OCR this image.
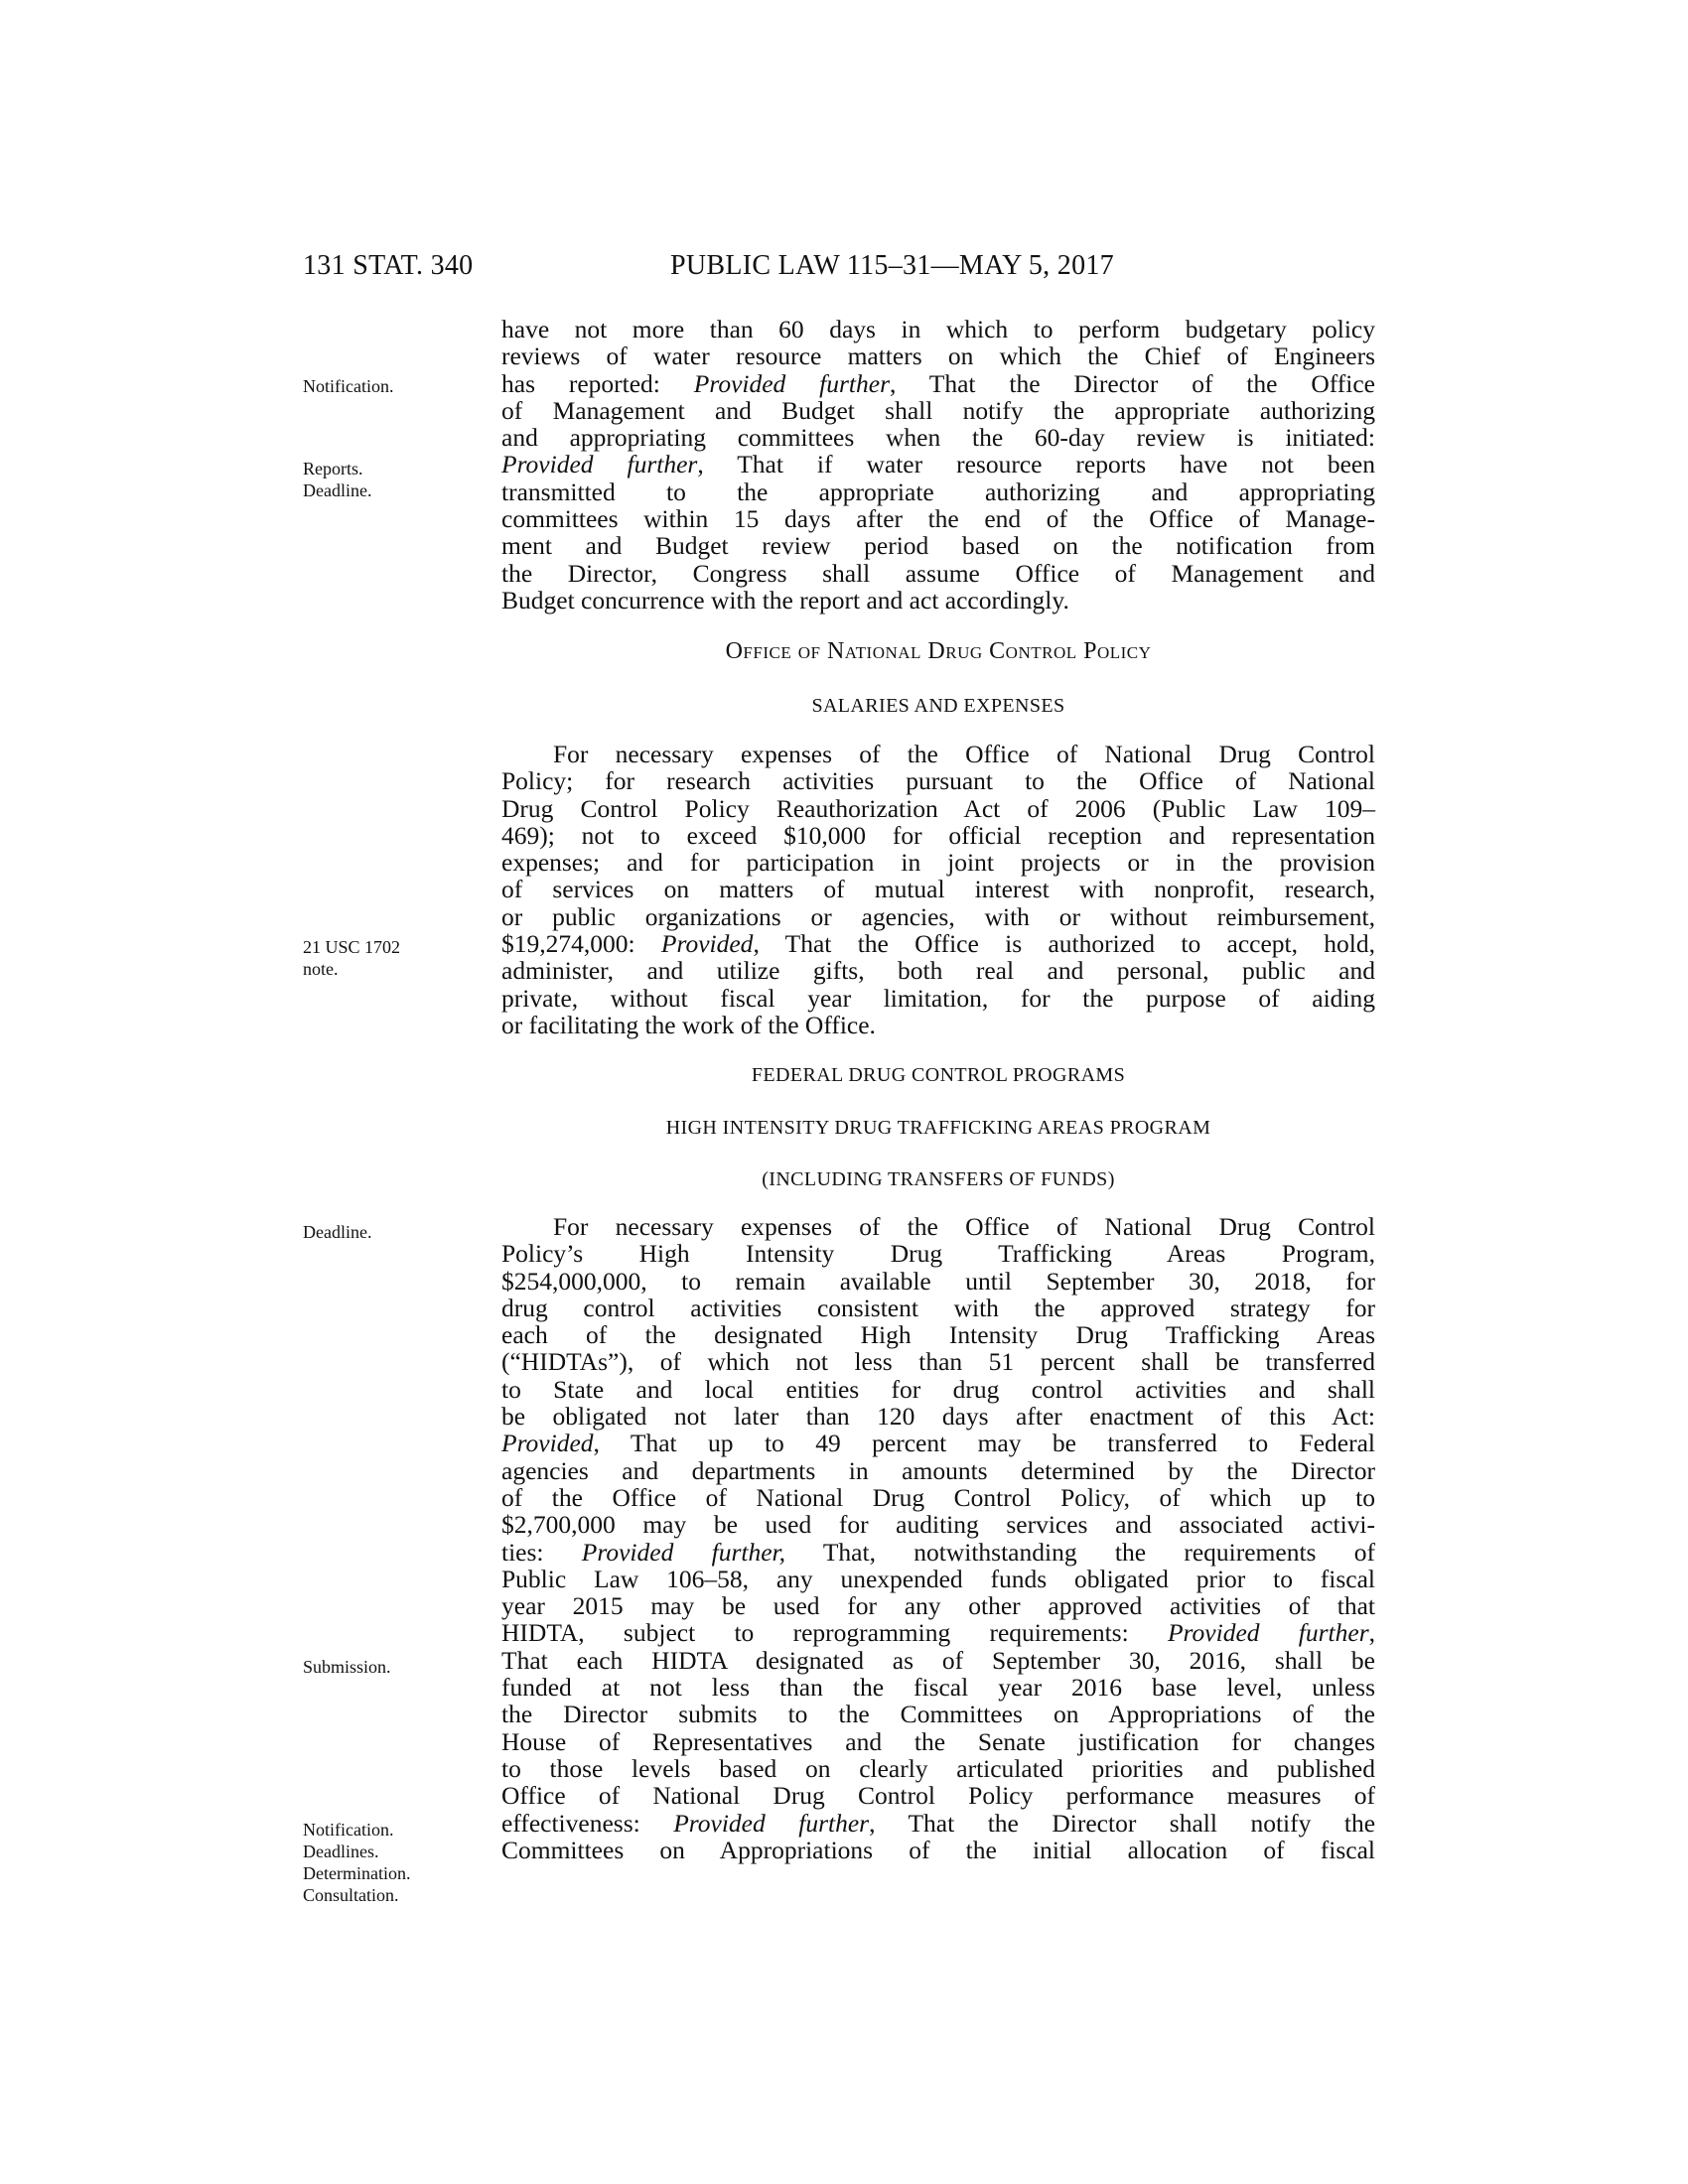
131 STAT. 340	PUBLIC LAW 115–31—MAY 5, 2017
Notification.
Reports.
Deadline.
21 USC 1702
note.
Deadline.
Submission.
Notification.
Deadlines.
Determination.
Consultation.
have not more than 60 days in which to perform budgetary policy
reviews of water resource matters on which the Chief of Engineers
has reported: Provided further, That the Director of the Office
of Management and Budget shall notify the appropriate authorizing
and appropriating committees when the 60-day review is initiated:
Provided further, That if water resource reports have not been
transmitted to the appropriate authorizing and appropriating
committees within 15 days after the end of the Office of Manage-
ment and Budget review period based on the notification from
the Director, Congress shall assume Office of Management and
Budget concurrence with the report and act accordingly.
Office of National Drug Control Policy
SALARIES AND EXPENSES
For necessary expenses of the Office of National Drug Control
Policy; for research activities pursuant to the Office of National
Drug Control Policy Reauthorization Act of 2006 (Public Law 109–
469); not to exceed $10,000 for official reception and representation
expenses; and for participation in joint projects or in the provision
of services on matters of mutual interest with nonprofit, research,
or public organizations or agencies, with or without reimbursement,
$19,274,000: Provided, That the Office is authorized to accept, hold,
administer, and utilize gifts, both real and personal, public and
private, without fiscal year limitation, for the purpose of aiding
or facilitating the work of the Office.
FEDERAL DRUG CONTROL PROGRAMS
HIGH INTENSITY DRUG TRAFFICKING AREAS PROGRAM
(INCLUDING TRANSFERS OF FUNDS)
For necessary expenses of the Office of National Drug Control
Policy’s High Intensity Drug Trafficking Areas Program,
$254,000,000, to remain available until September 30, 2018, for
drug control activities consistent with the approved strategy for
each of the designated High Intensity Drug Trafficking Areas
(“HIDTAs”), of which not less than 51 percent shall be transferred
to State and local entities for drug control activities and shall
be obligated not later than 120 days after enactment of this Act:
Provided, That up to 49 percent may be transferred to Federal
agencies and departments in amounts determined by the Director
of the Office of National Drug Control Policy, of which up to
$2,700,000 may be used for auditing services and associated activi-
ties: Provided further, That, notwithstanding the requirements of
Public Law 106–58, any unexpended funds obligated prior to fiscal
year 2015 may be used for any other approved activities of that
HIDTA, subject to reprogramming requirements: Provided further,
That each HIDTA designated as of September 30, 2016, shall be
funded at not less than the fiscal year 2016 base level, unless
the Director submits to the Committees on Appropriations of the
House of Representatives and the Senate justification for changes
to those levels based on clearly articulated priorities and published
Office of National Drug Control Policy performance measures of
effectiveness: Provided further, That the Director shall notify the
Committees on Appropriations of the initial allocation of fiscal
